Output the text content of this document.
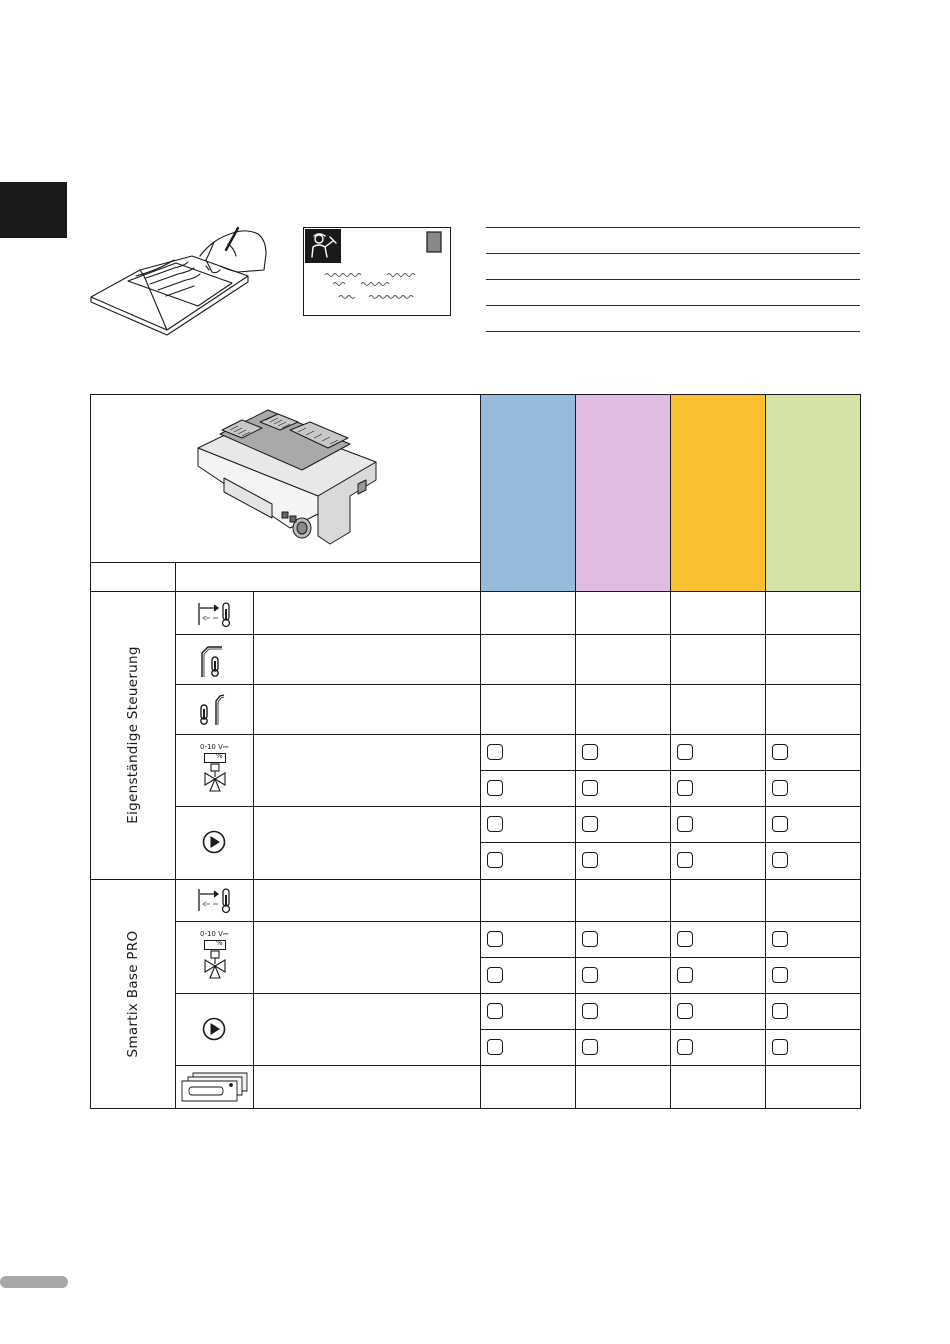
Eigenständige Steuerung
Smartix Base PRO
0-10 V⎓
%
0-10 V⎓
%
